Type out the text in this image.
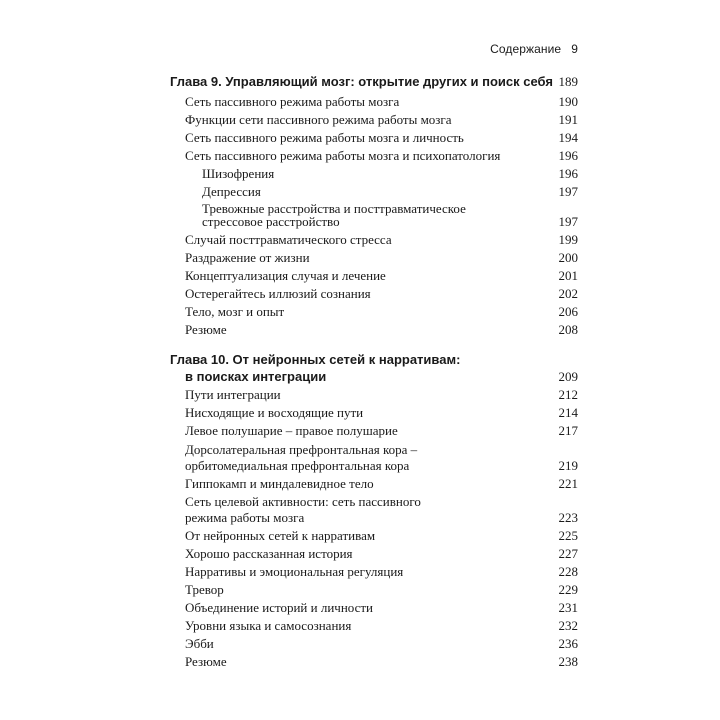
Содержание 9
Глава 9. Управляющий мозг: открытие других и поиск себя 189
Сеть пассивного режима работы мозга	190
Функции сети пассивного режима работы мозга	191
Сеть пассивного режима работы мозга и личность	194
Сеть пассивного режима работы мозга и психопатология	196
Шизофрения	196
Депрессия	197
Тревожные расстройства и посттравматическое
стрессовое расстройство	197
Случай посттравматического стресса	199
Раздражение от жизни	200
Концептуализация случая и лечение	201
Остерегайтесь иллюзий сознания	202
Тело, мозг и опыт	206
Резюме	208
Глава 10. От нейронных сетей к нарративам:
в поисках интеграции	209
Пути интеграции	212
Нисходящие и восходящие пути	214
Левое полушарие – правое полушарие	217
Дорсолатеральная префронтальная кора –
орбитомедиальная префронтальная кора	219
Гиппокамп и миндалевидное тело	221
Сеть целевой активности: сеть пассивного
режима работы мозга	223
От нейронных сетей к нарративам	225
Хорошо рассказанная история	227
Нарративы и эмоциональная регуляция	228
Тревор	229
Объединение историй и личности	231
Уровни языка и самосознания	232
Эбби	236
Резюме	238
